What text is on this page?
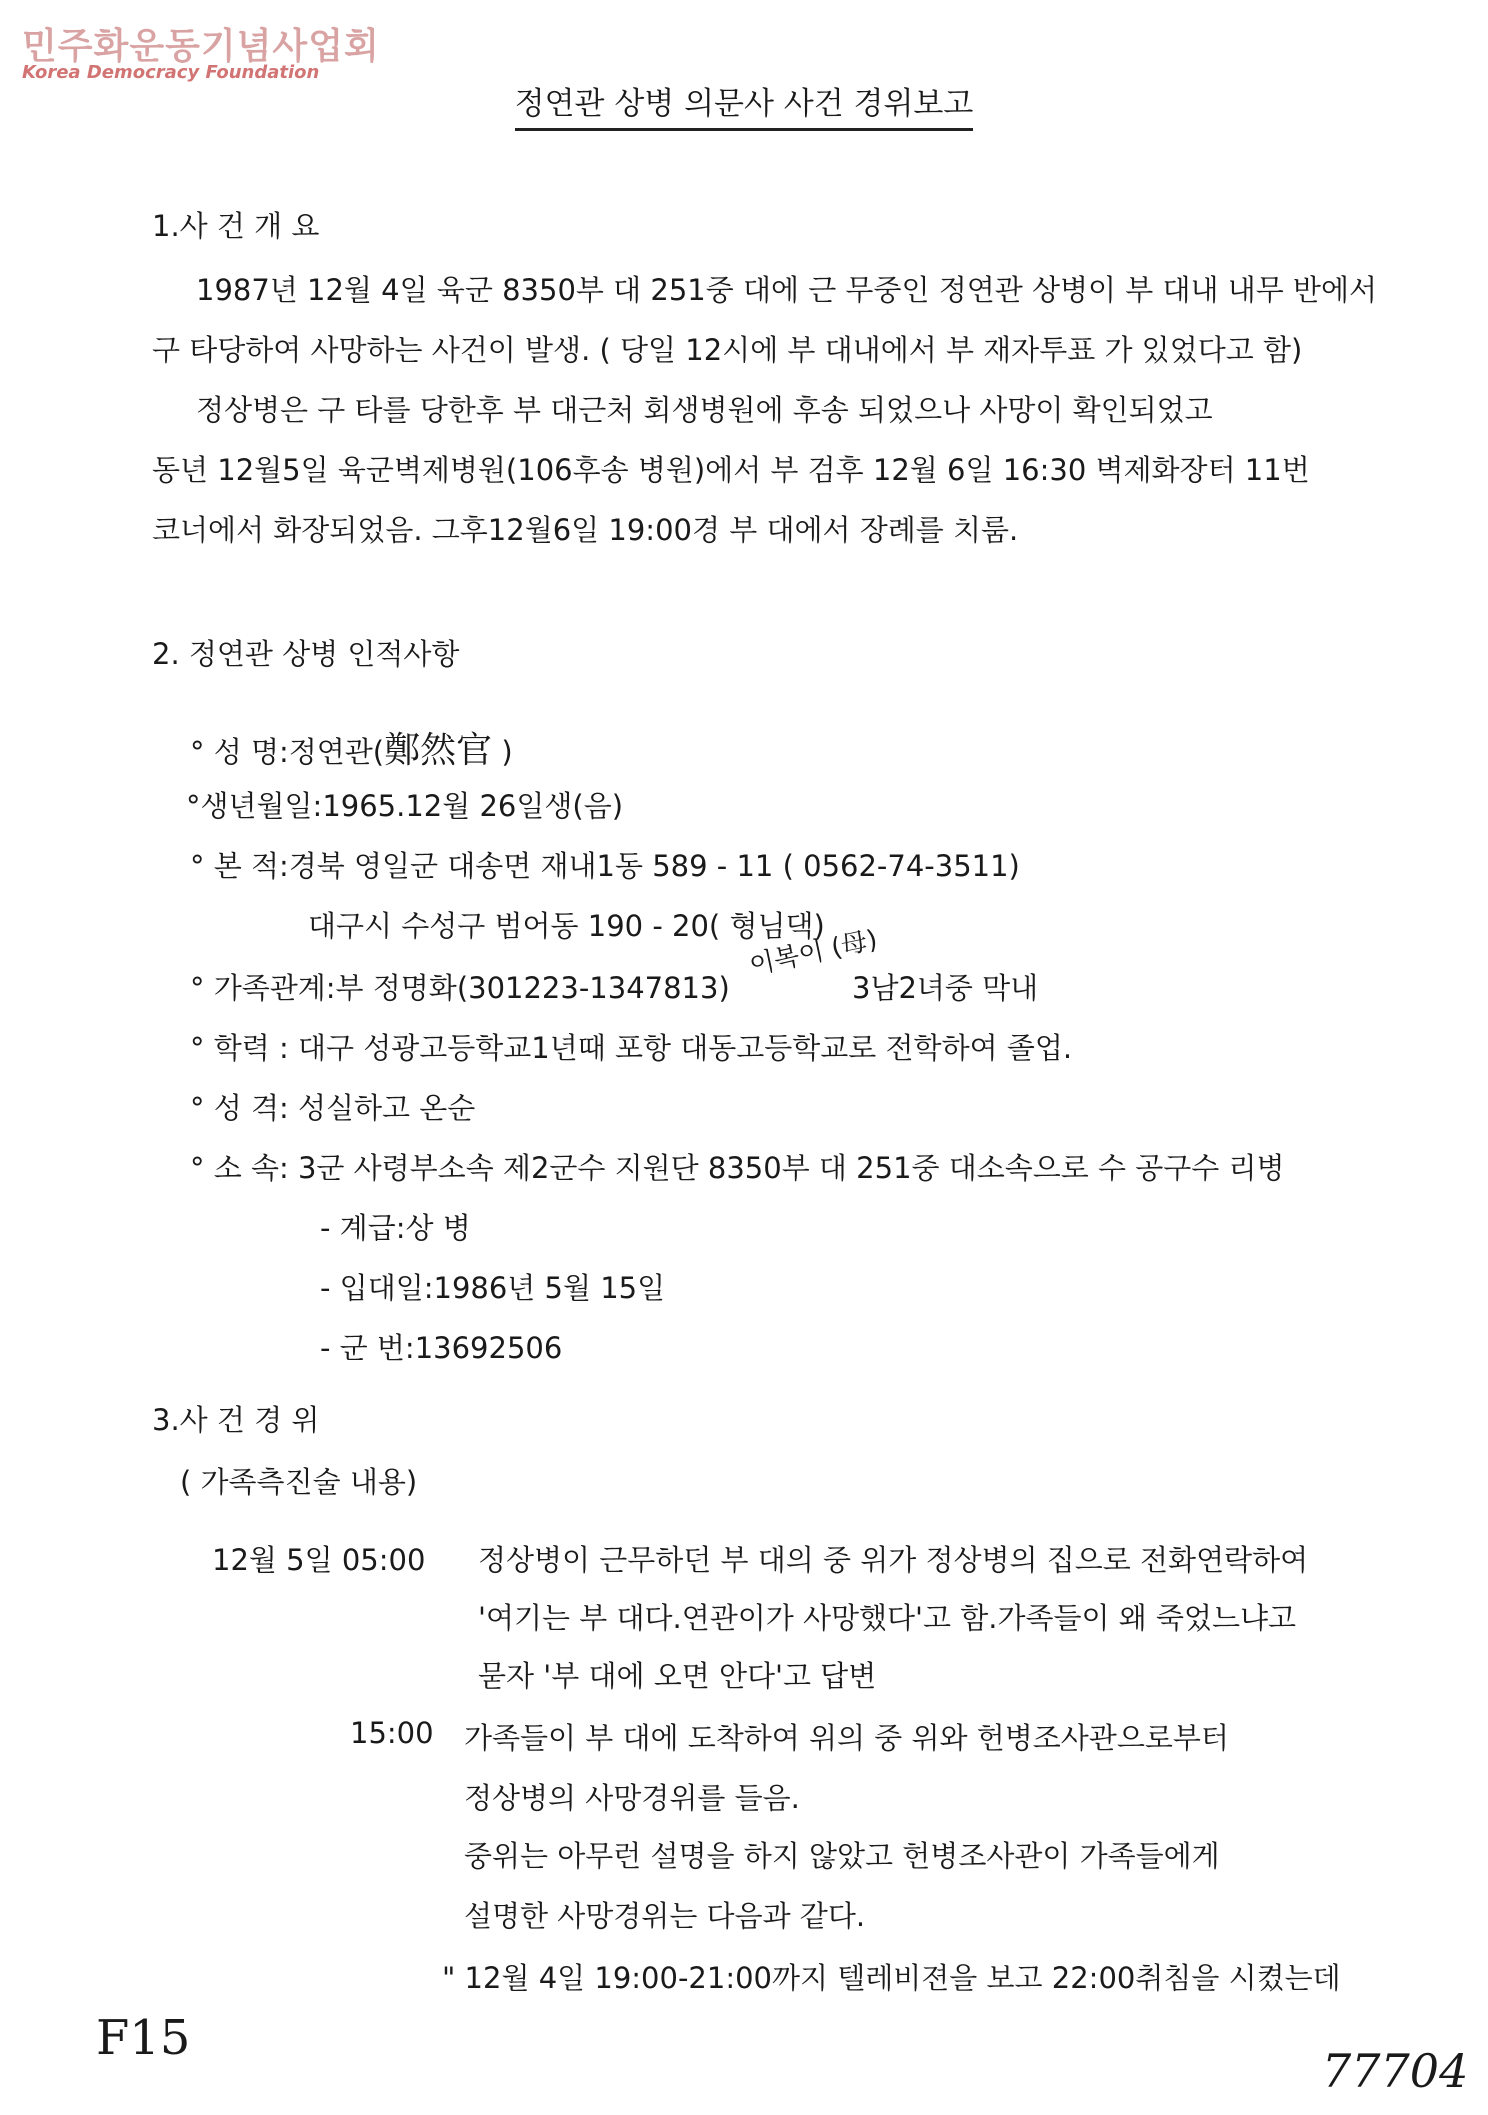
민주화운동기념사업회
Korea Democracy Foundation
정연관 상병 의문사 사건 경위보고
1.사 건 개 요
1987년 12월 4일 육군 8350부 대 251중 대에 근 무중인 정연관 상병이 부 대내 내무 반에서
구 타당하여 사망하는 사건이 발생. ( 당일 12시에 부 대내에서 부 재자투표 가 있었다고 함)
정상병은 구 타를 당한후 부 대근처 회생병원에 후송 되었으나 사망이 확인되었고
동년 12월5일 육군벽제병원(106후송 병원)에서 부 검후 12월 6일 16:30 벽제화장터 11번
코너에서 화장되었음. 그후12월6일 19:00경 부 대에서 장례를 치룸.
2. 정연관 상병 인적사항
° 성 명:정연관(鄭然官 )
°생년월일:1965.12월 26일생(음)
° 본 적:경북 영일군 대송면 재내1동 589 - 11 ( 0562-74-3511)
대구시 수성구 범어동 190 - 20( 형님댁)
° 가족관계:부 정명화(301223-1347813)
이복이 (母)
3남2녀중 막내
° 학력 : 대구 성광고등학교1년때 포항 대동고등학교로 전학하여 졸업.
° 성 격: 성실하고 온순
° 소 속: 3군 사령부소속 제2군수 지원단 8350부 대 251중 대소속으로 수 공구수 리병
- 계급:상 병
- 입대일:1986년 5월 15일
- 군 번:13692506
3.사 건 경 위
( 가족측진술 내용)
12월 5일 05:00 정상병이 근무하던 부 대의 중 위가 정상병의 집으로 전화연락하여
'여기는 부 대다.연관이가 사망했다'고 함.가족들이 왜 죽었느냐고
묻자 '부 대에 오면 안다'고 답변
15:00 가족들이 부 대에 도착하여 위의 중 위와 헌병조사관으로부터
정상병의 사망경위를 들음.
중위는 아무런 설명을 하지 않았고 헌병조사관이 가족들에게
설명한 사망경위는 다음과 같다.
" 12월 4일 19:00-21:00까지 텔레비젼을 보고 22:00취침을 시켰는데
F15
77704
